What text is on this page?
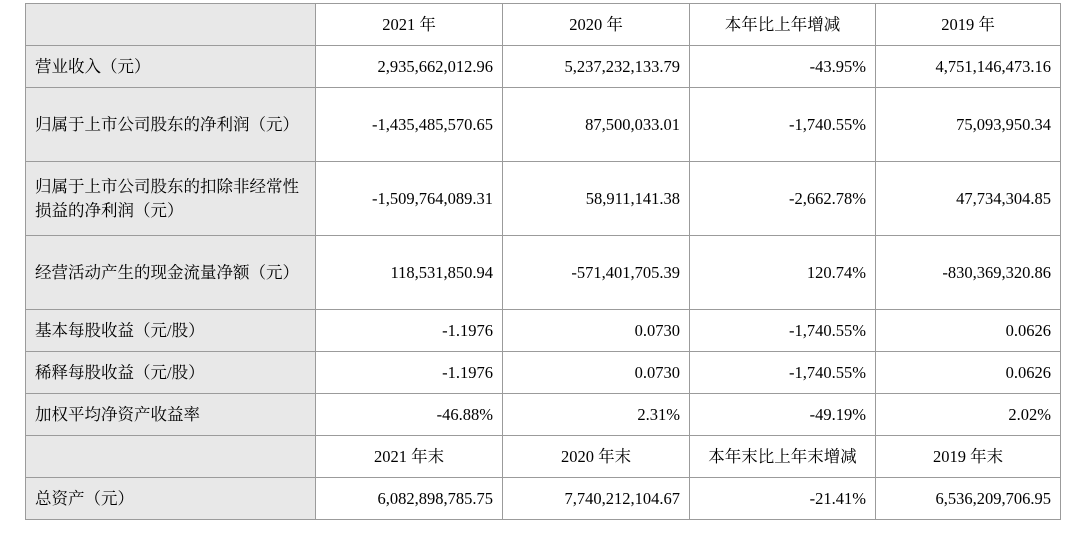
	2021 年	2020 年	本年比上年增减	2019 年
营业收入（元）	2,935,662,012.96	5,237,232,133.79	-43.95%	4,751,146,473.16
归属于上市公司股东的净利润（元）	-1,435,485,570.65	87,500,033.01	-1,740.55%	75,093,950.34
归属于上市公司股东的扣除非经常性损益的净利润（元）	-1,509,764,089.31	58,911,141.38	-2,662.78%	47,734,304.85
经营活动产生的现金流量净额（元）	118,531,850.94	-571,401,705.39	120.74%	-830,369,320.86
基本每股收益（元/股）	-1.1976	0.0730	-1,740.55%	0.0626
稀释每股收益（元/股）	-1.1976	0.0730	-1,740.55%	0.0626
加权平均净资产收益率	-46.88%	2.31%	-49.19%	2.02%
	2021 年末	2020 年末	本年末比上年末增减	2019 年末
总资产（元）	6,082,898,785.75	7,740,212,104.67	-21.41%	6,536,209,706.95
